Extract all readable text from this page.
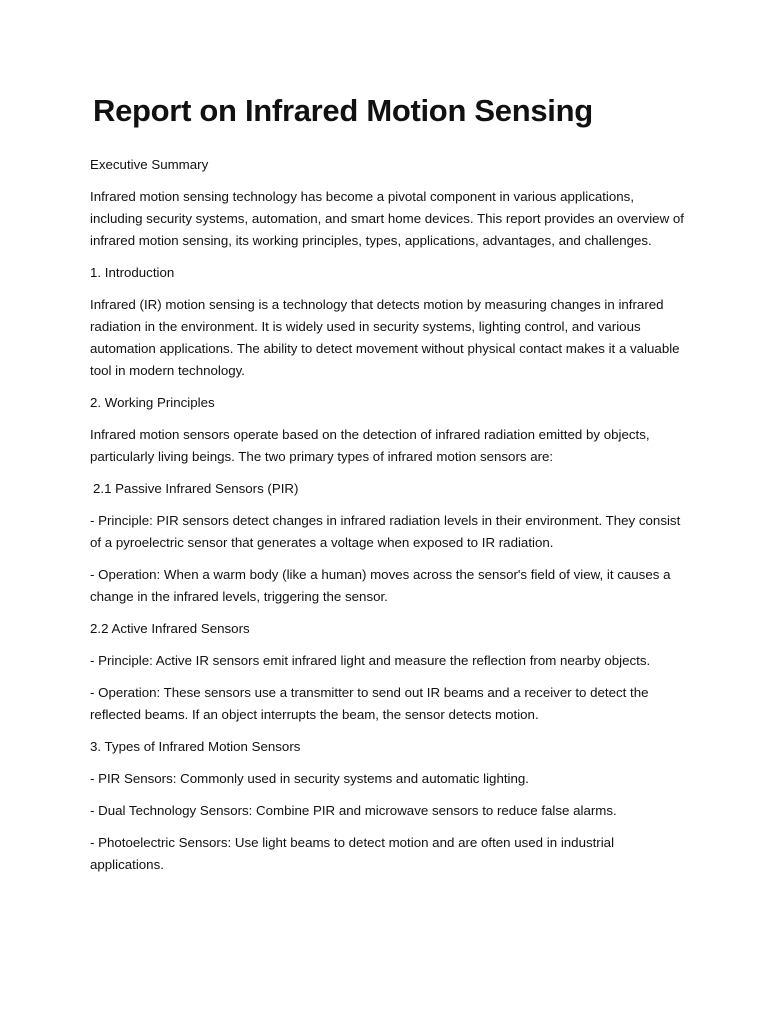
Report on Infrared Motion Sensing

Executive Summary

Infrared motion sensing technology has become a pivotal component in various applications, including security systems, automation, and smart home devices. This report provides an overview of infrared motion sensing, its working principles, types, applications, advantages, and challenges.

1. Introduction

Infrared (IR) motion sensing is a technology that detects motion by measuring changes in infrared radiation in the environment. It is widely used in security systems, lighting control, and various automation applications. The ability to detect movement without physical contact makes it a valuable tool in modern technology.

2. Working Principles

Infrared motion sensors operate based on the detection of infrared radiation emitted by objects, particularly living beings. The two primary types of infrared motion sensors are:

2.1 Passive Infrared Sensors (PIR)

- Principle: PIR sensors detect changes in infrared radiation levels in their environment. They consist of a pyroelectric sensor that generates a voltage when exposed to IR radiation.

- Operation: When a warm body (like a human) moves across the sensor's field of view, it causes a change in the infrared levels, triggering the sensor.

2.2 Active Infrared Sensors

- Principle: Active IR sensors emit infrared light and measure the reflection from nearby objects.

- Operation: These sensors use a transmitter to send out IR beams and a receiver to detect the reflected beams. If an object interrupts the beam, the sensor detects motion.

3. Types of Infrared Motion Sensors

- PIR Sensors: Commonly used in security systems and automatic lighting.

- Dual Technology Sensors: Combine PIR and microwave sensors to reduce false alarms.

- Photoelectric Sensors: Use light beams to detect motion and are often used in industrial applications.
